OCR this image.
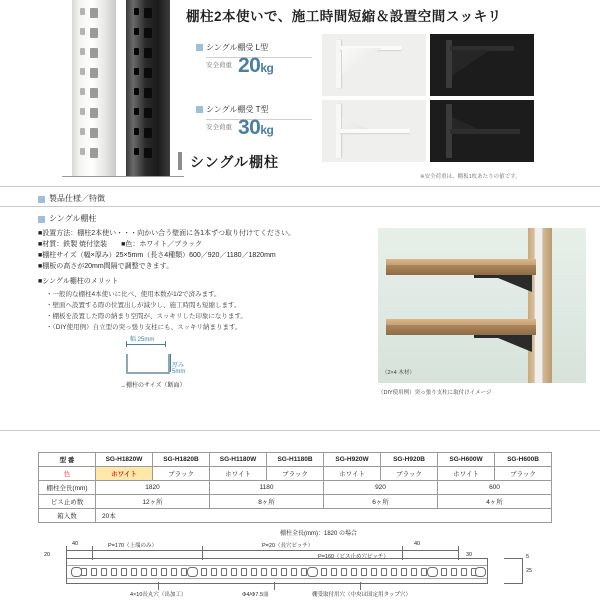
棚柱2本使いで、施工時間短縮＆設置空間スッキリ
シングル棚柱
シングル棚受 L型
安全荷重 20kg
シングル棚受 T型
安全荷重 30kg
※安全荷重は、棚板1枚あたりの値です。
製品仕様／特徴
シングル棚柱
■設置方法：棚柱2本使い・・・向かい合う壁面に各1本ずつ取り付けてください。
■材質：鉄製 焼付塗装　　■色：ホワイト／ブラック
■棚柱サイズ（幅×厚み）25×5mm（長さ4種類）600／920／1180／1820mm
■棚板の高さが20mm間隔で調整できます。
■シングル棚柱のメリット
・一般的な棚柱4本使いに比べ、使用本数が1/2で済みます。
・壁面へ設置する際の位置出しが減少し、施工時間も短縮します。
・棚板を設置した際の納まり空間が、スッキリした印象になります。
・（DIY使用例）自立型の突っ張り支柱にも、スッキリ納まります。
幅 25mm
厚み 5mm
→棚柱のサイズ（断面）
（2×4 木材）
（DIY使用例）突っ張り支柱に取付けイメージ
型 番	SG-H1820W	SG-H1820B	SG-H1180W	SG-H1180B	SG-H920W	SG-H920B	SG-H600W	SG-H600B
色	ホワイト	ブラック	ホワイト	ブラック	ホワイト	ブラック	ホワイト	ブラック
棚柱全長(mm)	1820		1180		920		600	
ビス止め数	12ヶ所		8ヶ所		6ヶ所		4ヶ所	
箱入数	20本							
棚柱全長(mm)：1820 の場合
40	P=170（上端のみ）	P=20（長穴ピッチ）	40
20	30
P=160（ビス止め穴ピッチ）	5
25
4×10長丸穴（出加工）	Φ4/Φ7.5皿	棚受取付用穴（中央は国定用タップ穴）
